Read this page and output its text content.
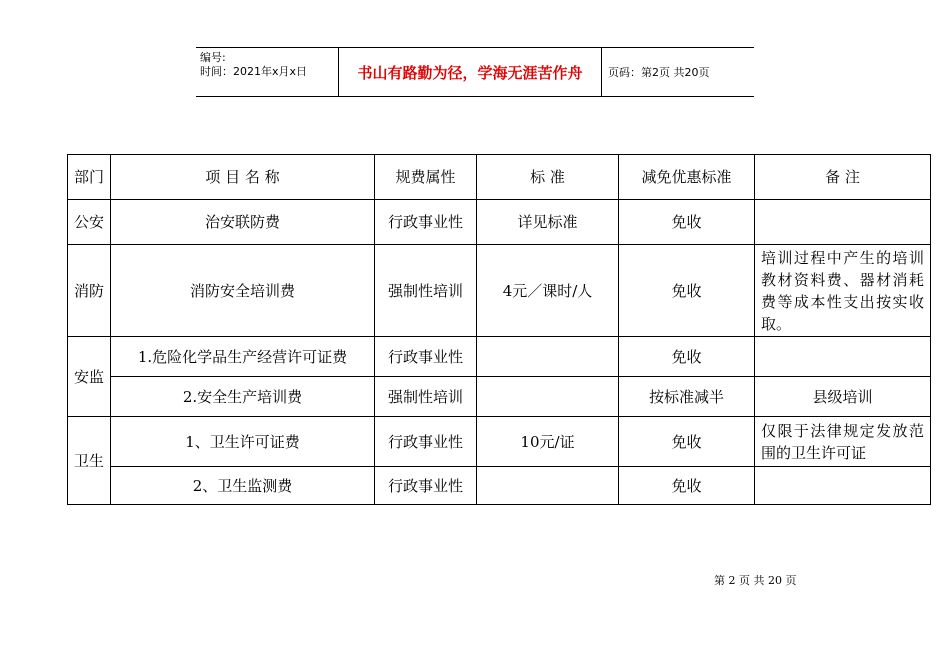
编号:
时间：2021年x月x日	书山有路勤为径，学海无涯苦作舟	页码：第2页 共20页
部门	项 目 名 称	规费属性	标 准	减免优惠标准	备 注
公安	治安联防费	行政事业性	详见标准	免收	
消防	消防安全培训费	强制性培训	4元／课时/人	免收	培训过程中产生的培训教材资料费、器材消耗费等成本性支出按实收取。
安监	1.危险化学品生产经营许可证费	行政事业性		免收	
	2.安全生产培训费	强制性培训		按标准减半	县级培训
卫生	1、卫生许可证费	行政事业性	10元/证	免收	仅限于法律规定发放范围的卫生许可证
	2、卫生监测费	行政事业性		免收	
第 2 页 共 20 页
